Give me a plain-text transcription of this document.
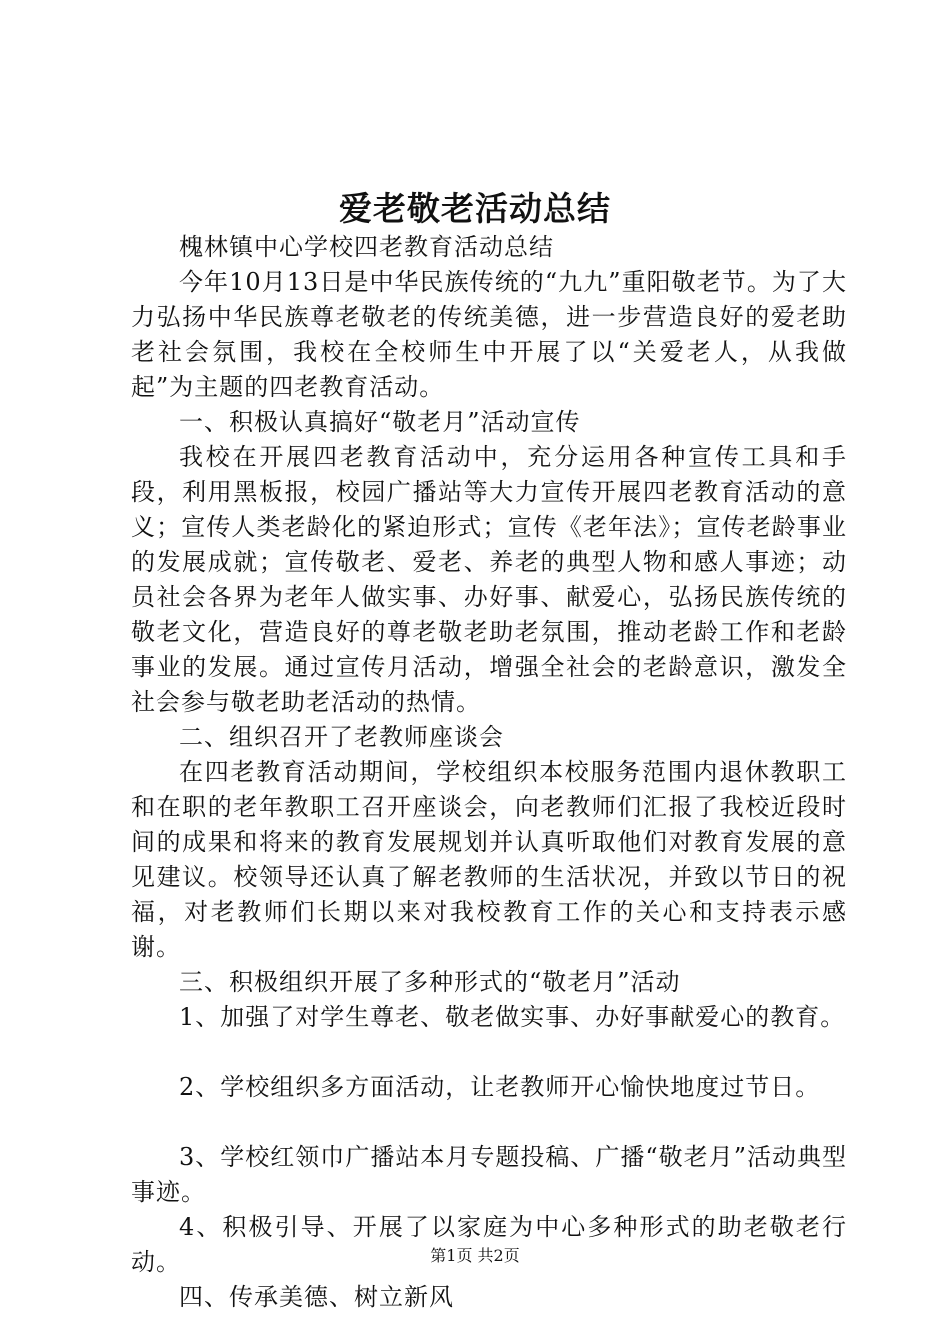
爱老敬老活动总结

槐林镇中心学校四老教育活动总结

今年10月13日是中华民族传统的“九九”重阳敬老节。为了大力弘扬中华民族尊老敬老的传统美德，进一步营造良好的爱老助老社会氛围，我校在全校师生中开展了以“关爱老人，从我做起”为主题的四老教育活动。

一、积极认真搞好“敬老月”活动宣传

我校在开展四老教育活动中，充分运用各种宣传工具和手段，利用黑板报，校园广播站等大力宣传开展四老教育活动的意义；宣传人类老龄化的紧迫形式；宣传《老年法》；宣传老龄事业的发展成就；宣传敬老、爱老、养老的典型人物和感人事迹；动员社会各界为老年人做实事、办好事、献爱心，弘扬民族传统的敬老文化，营造良好的尊老敬老助老氛围，推动老龄工作和老龄事业的发展。通过宣传月活动，增强全社会的老龄意识，激发全社会参与敬老助老活动的热情。

二、组织召开了老教师座谈会

在四老教育活动期间，学校组织本校服务范围内退休教职工和在职的老年教职工召开座谈会，向老教师们汇报了我校近段时间的成果和将来的教育发展规划并认真听取他们对教育发展的意见建议。校领导还认真了解老教师的生活状况，并致以节日的祝福，对老教师们长期以来对我校教育工作的关心和支持表示感谢。

三、积极组织开展了多种形式的“敬老月”活动

1、加强了对学生尊老、敬老做实事、办好事献爱心的教育。

2、学校组织多方面活动，让老教师开心愉快地度过节日。

3、学校红领巾广播站本月专题投稿、广播“敬老月”活动典型事迹。

4、积极引导、开展了以家庭为中心多种形式的助老敬老行动。

四、传承美德、树立新风

第1页 共2页
